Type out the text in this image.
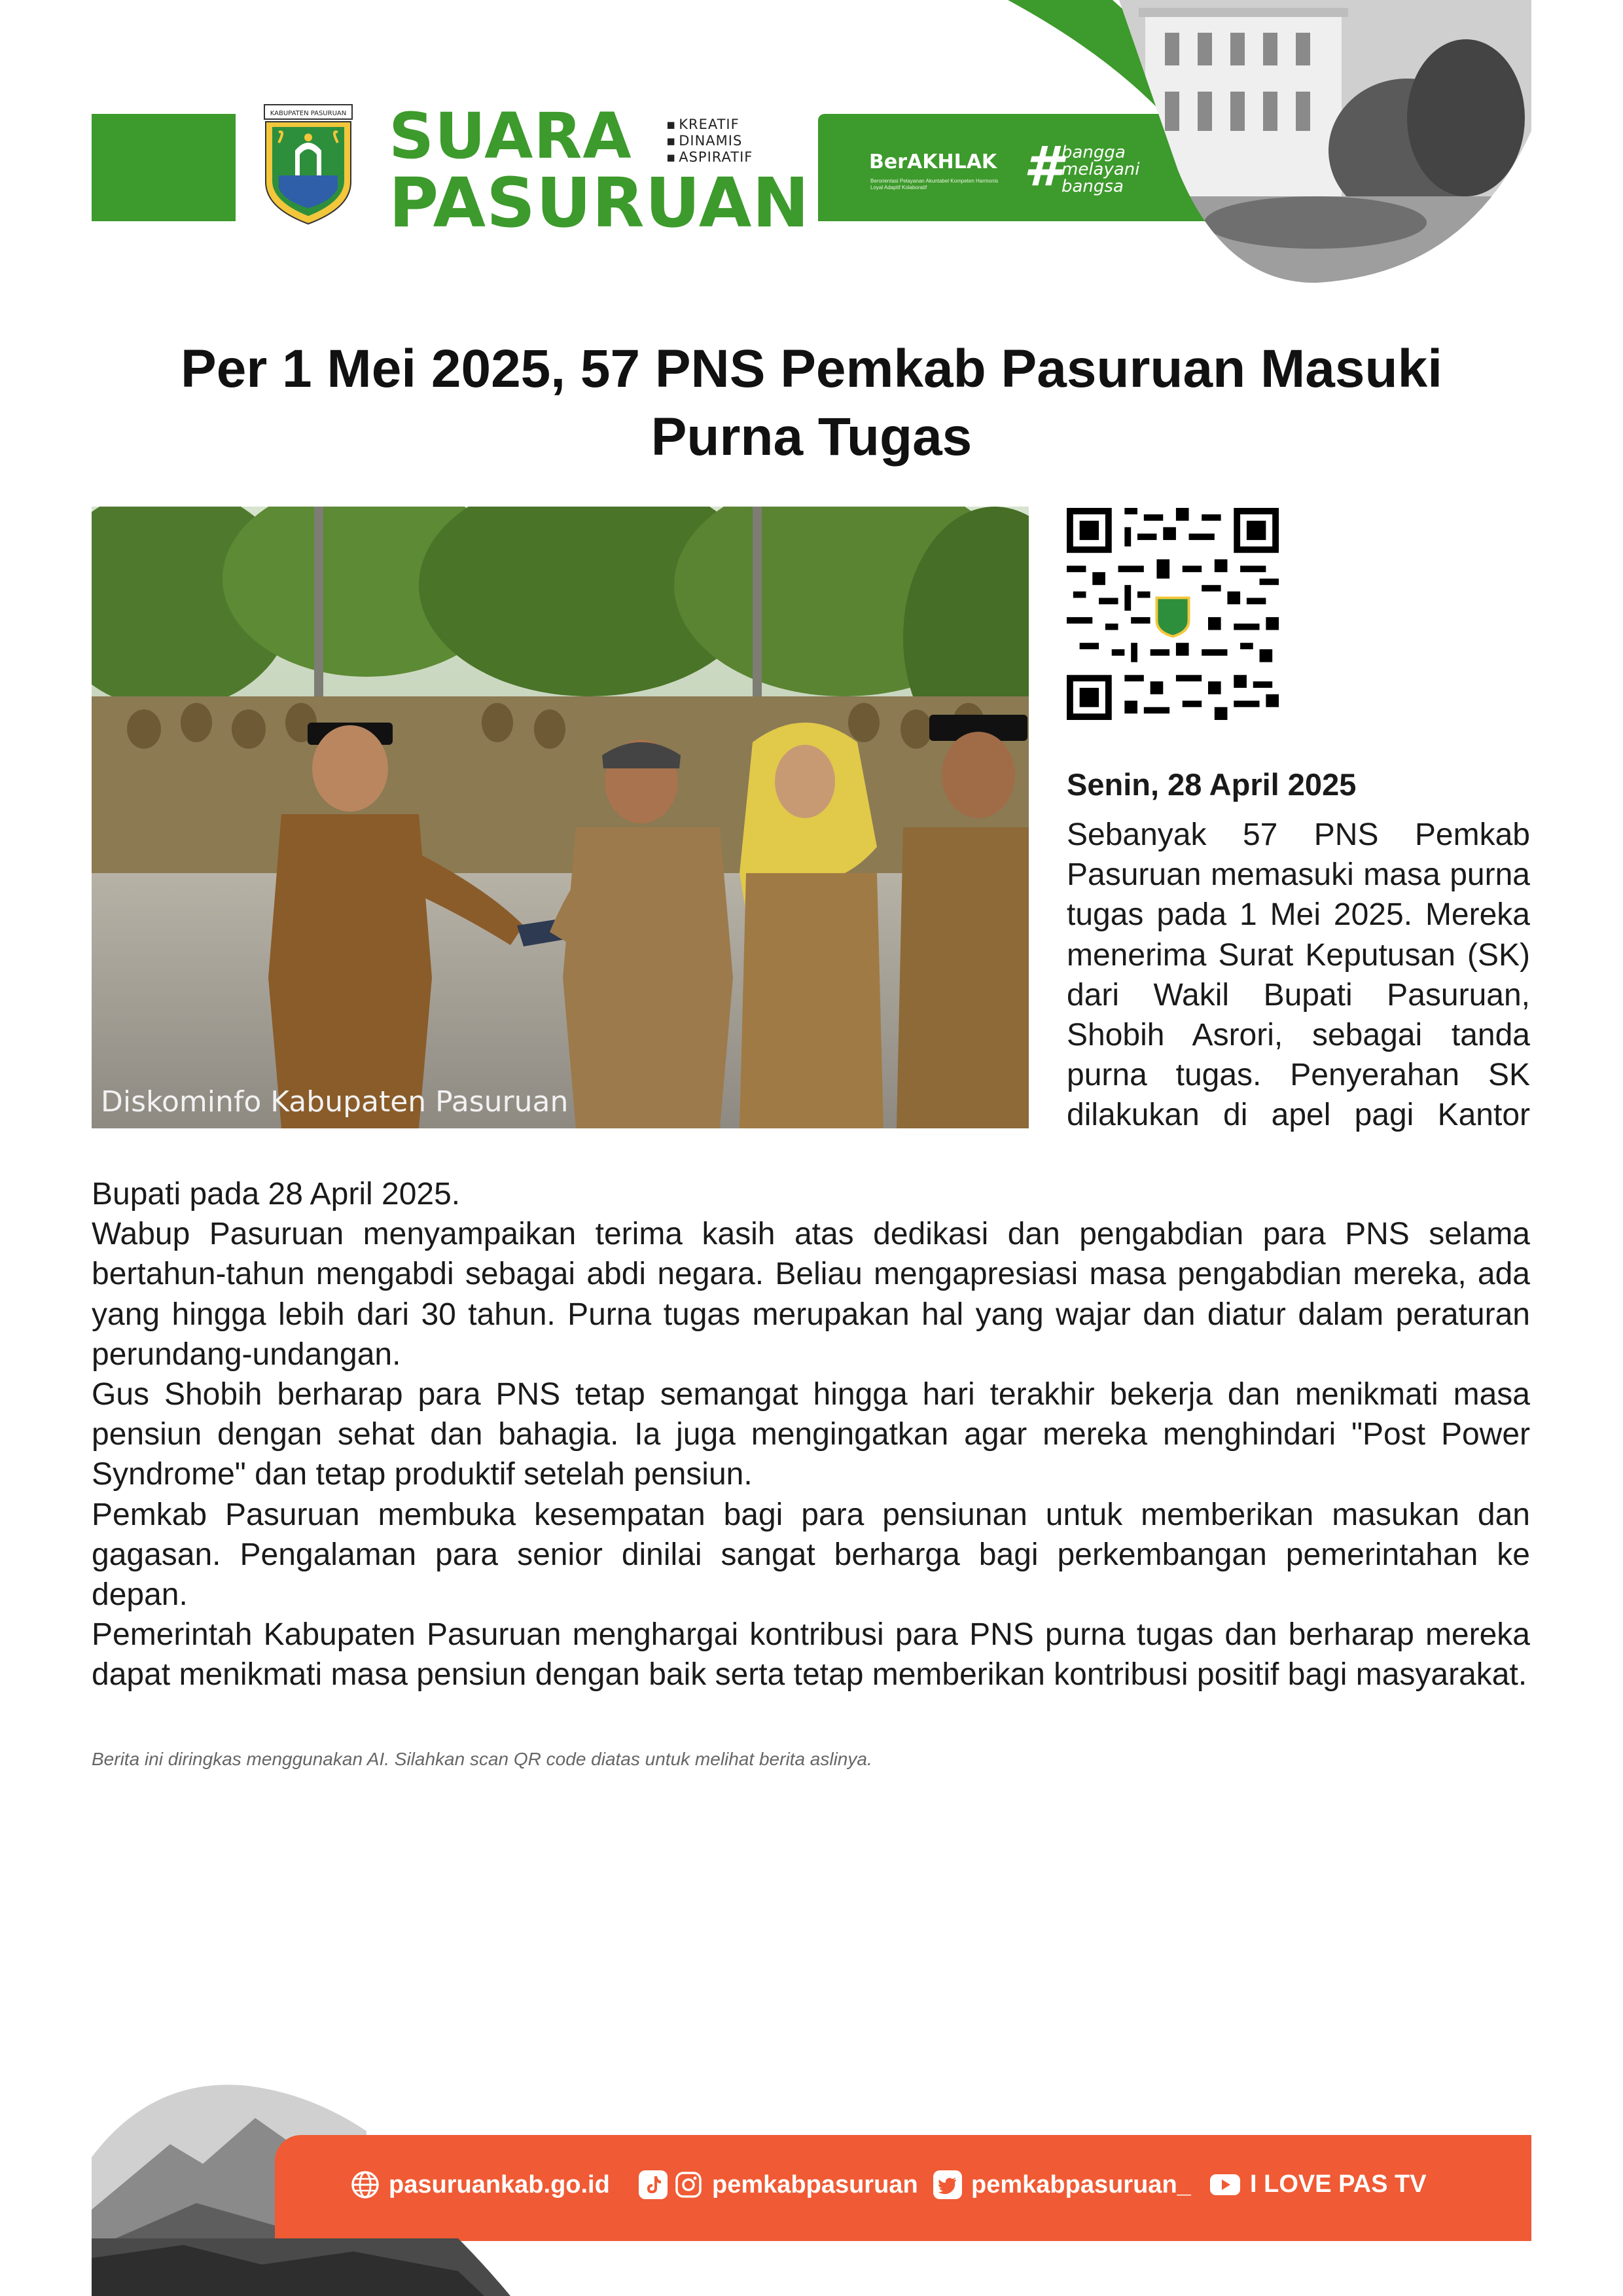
KABUPATEN PASURUAN SUARA
PASURUAN
▪ KREATIF
▪ DINAMIS
▪ ASPIRATIF	BerAKHLAK
Berorientasi Pelayanan Akuntabel Kompeten Harmonis Loyal Adaptif Kolaboratif	# bangga
melayani
bangsa
Per 1 Mei 2025, 57 PNS Pemkab Pasuruan Masuki Purna Tugas
Diskominfo Kabupaten Pasuruan
Senin, 28 April 2025
Sebanyak 57 PNS Pemkab Pasuruan memasuki masa purna tugas pada 1 Mei 2025. Mereka menerima Surat Keputusan (SK) dari Wakil Bupati Pasuruan, Shobih Asrori, sebagai tanda purna tugas. Penyerahan SK dilakukan di apel pagi Kantor

Bupati pada 28 April 2025.

Wabup Pasuruan menyampaikan terima kasih atas dedikasi dan pengabdian para PNS selama bertahun-tahun mengabdi sebagai abdi negara. Beliau mengapresiasi masa pengabdian mereka, ada yang hingga lebih dari 30 tahun. Purna tugas merupakan hal yang wajar dan diatur dalam peraturan perundang-undangan.

Gus Shobih berharap para PNS tetap semangat hingga hari terakhir bekerja dan menikmati masa pensiun dengan sehat dan bahagia. Ia juga mengingatkan agar mereka menghindari "Post Power Syndrome" dan tetap produktif setelah pensiun.

Pemkab Pasuruan membuka kesempatan bagi para pensiunan untuk memberikan masukan dan gagasan. Pengalaman para senior dinilai sangat berharga bagi perkembangan pemerintahan ke depan.

Pemerintah Kabupaten Pasuruan menghargai kontribusi para PNS purna tugas dan berharap mereka dapat menikmati masa pensiun dengan baik serta tetap memberikan kontribusi positif bagi masyarakat.

Berita ini diringkas menggunakan AI. Silahkan scan QR code diatas untuk melihat berita aslinya.
pasuruankab.go.id	pemkabpasuruan pemkabpasuruan_ I LOVE PAS TV
